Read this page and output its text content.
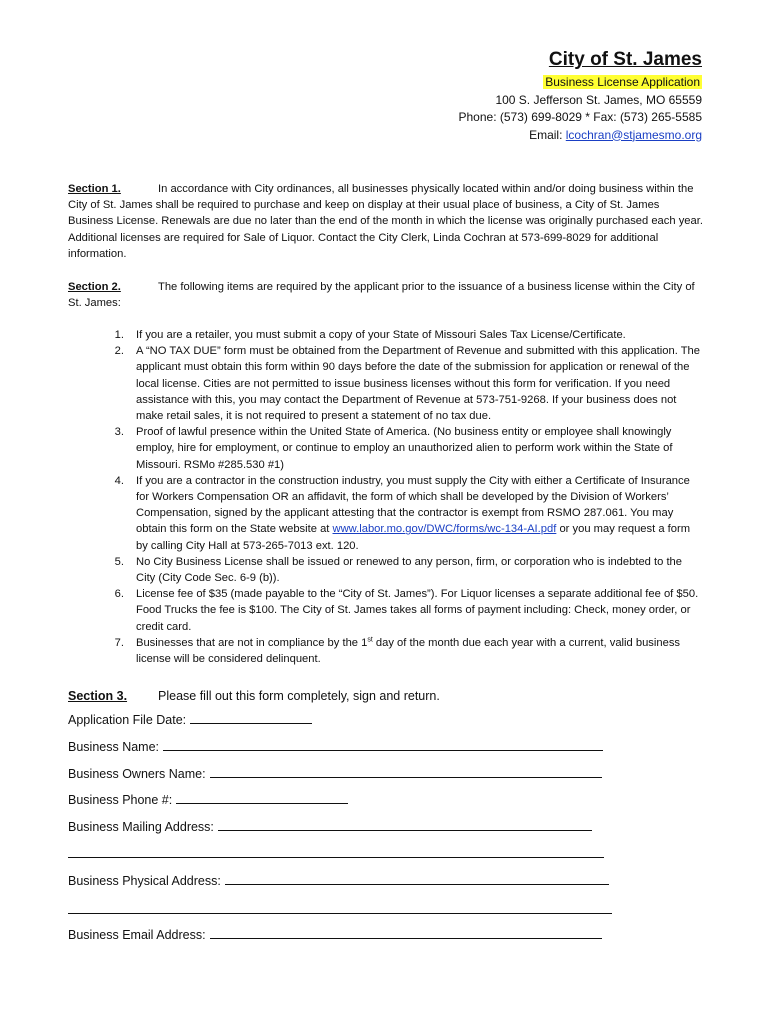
City of St. James
Business License Application
100 S. Jefferson St. James, MO 65559
Phone: (573) 699-8029 * Fax: (573) 265-5585
Email: lcochran@stjamesmo.org
Section 1.	In accordance with City ordinances, all businesses physically located within and/or doing business within the City of St. James shall be required to purchase and keep on display at their usual place of business, a City of St. James Business License. Renewals are due no later than the end of the month in which the license was originally purchased each year. Additional licenses are required for Sale of Liquor. Contact the City Clerk, Linda Cochran at 573-699-8029 for additional information.
Section 2.	The following items are required by the applicant prior to the issuance of a business license within the City of St. James:
1. If you are a retailer, you must submit a copy of your State of Missouri Sales Tax License/Certificate.
2. A “NO TAX DUE” form must be obtained from the Department of Revenue and submitted with this application. The applicant must obtain this form within 90 days before the date of the submission for application or renewal of the local license. Cities are not permitted to issue business licenses without this form for verification. If you need assistance with this, you may contact the Department of Revenue at 573-751-9268. If your business does not make retail sales, it is not required to present a statement of no tax due.
3. Proof of lawful presence within the United State of America. (No business entity or employee shall knowingly employ, hire for employment, or continue to employ an unauthorized alien to perform work within the State of Missouri. RSMo #285.530 #1)
4. If you are a contractor in the construction industry, you must supply the City with either a Certificate of Insurance for Workers Compensation OR an affidavit, the form of which shall be developed by the Division of Workers’ Compensation, signed by the applicant attesting that the contractor is exempt from RSMO 287.061. You may obtain this form on the State website at www.labor.mo.gov/DWC/forms/wc-134-AI.pdf or you may request a form by calling City Hall at 573-265-7013 ext. 120.
5. No City Business License shall be issued or renewed to any person, firm, or corporation who is indebted to the City (City Code Sec. 6-9 (b)).
6. License fee of $35 (made payable to the “City of St. James”). For Liquor licenses a separate additional fee of $50. Food Trucks the fee is $100. The City of St. James takes all forms of payment including: Check, money order, or credit card.
7. Businesses that are not in compliance by the 1st day of the month due each year with a current, valid business license will be considered delinquent.
Section 3. Please fill out this form completely, sign and return.
Application File Date:
Business Name:
Business Owners Name:
Business Phone #:
Business Mailing Address:
Business Physical Address:
Business Email Address:
